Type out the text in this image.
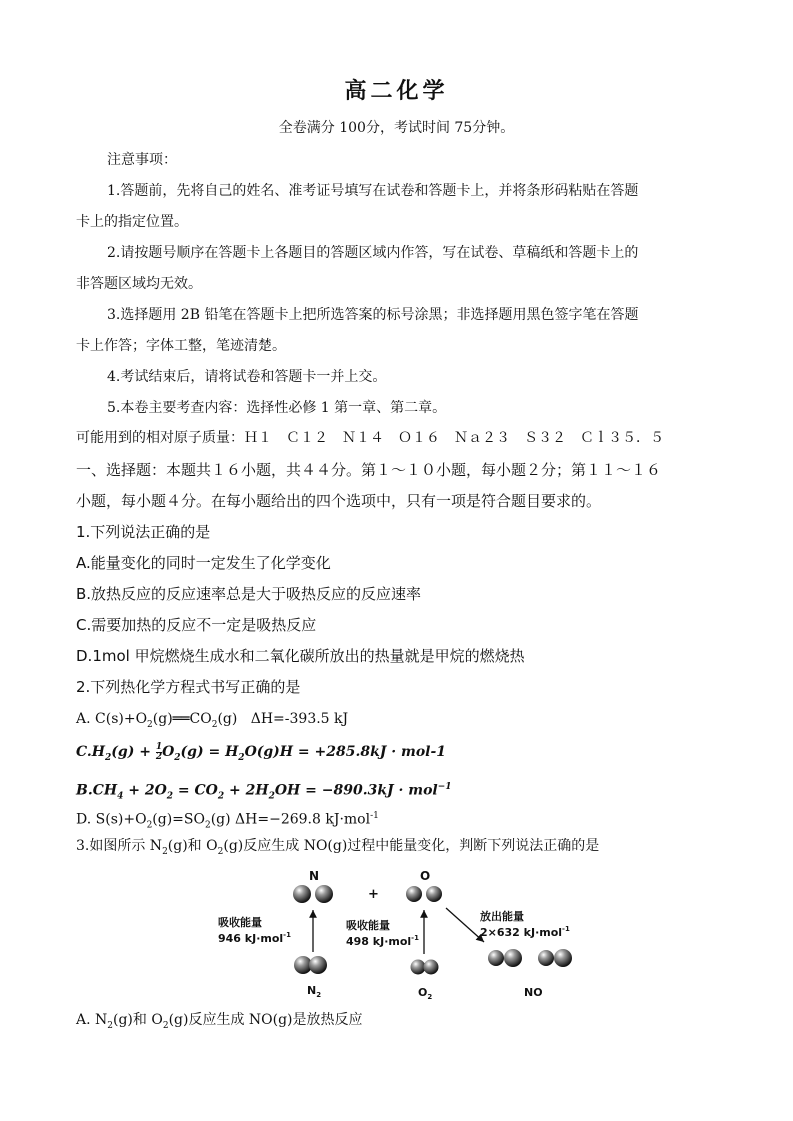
高二化学
全卷满分 100分，考试时间 75分钟。
注意事项：
1.答题前，先将自己的姓名、准考证号填写在试卷和答题卡上，并将条形码粘贴在答题
卡上的指定位置。
2.请按题号顺序在答题卡上各题目的答题区域内作答，写在试卷、草稿纸和答题卡上的
非答题区域均无效。
3.选择题用 2B 铅笔在答题卡上把所选答案的标号涂黑；非选择题用黑色签字笔在答题
卡上作答；字体工整，笔迹清楚。
4.考试结束后，请将试卷和答题卡一并上交。
5.本卷主要考查内容：选择性必修 1 第一章、第二章。
可能用到的相对原子质量：Ｈ１　Ｃ１２　Ｎ１４　Ｏ１６　Ｎａ２３　Ｓ３２　Ｃｌ３５．５
一、选择题：本题共１６小题，共４４分。第１～１０小题，每小题２分；第１１～１６
小题，每小题４分。在每小题给出的四个选项中，只有一项是符合题目要求的。
1.下列说法正确的是
A.能量变化的同时一定发生了化学变化
B.放热反应的反应速率总是大于吸热反应的反应速率
C.需要加热的反应不一定是吸热反应
D.1mol 甲烷燃烧生成水和二氧化碳所放出的热量就是甲烷的燃烧热
2.下列热化学方程式书写正确的是
A. $C(s)+O_2(g)══CO_2(g)$   ΔH=-393.5 kJ
$C.H_2(g) + \frac{1}{2} O_2(g) = H_2O(g)H = +285.8kJ \cdot mol-1$
$B.CH_4 + 2O_2 = CO_2 + 2H_2OH = -890.3kJ \cdot mol^{-1}$
D. $S(s)+O_2(g)=SO_2(g)$ ΔH=−269.8 kJ·mol$^{-1}$
3.如图所示 $N_2(g)$和 $O_2(g)$反应生成 NO(g)过程中能量变化，判断下列说法正确的是
N
+
O
吸收能量
946 kJ·mol$^{-1}$
吸收能量
498 kJ·mol$^{-1}$
放出能量
2×632 kJ·mol$^{-1}$
$N_2$	$O_2$	NO
A. $N_2(g)$和 $O_2(g)$反应生成 NO(g)是放热反应
